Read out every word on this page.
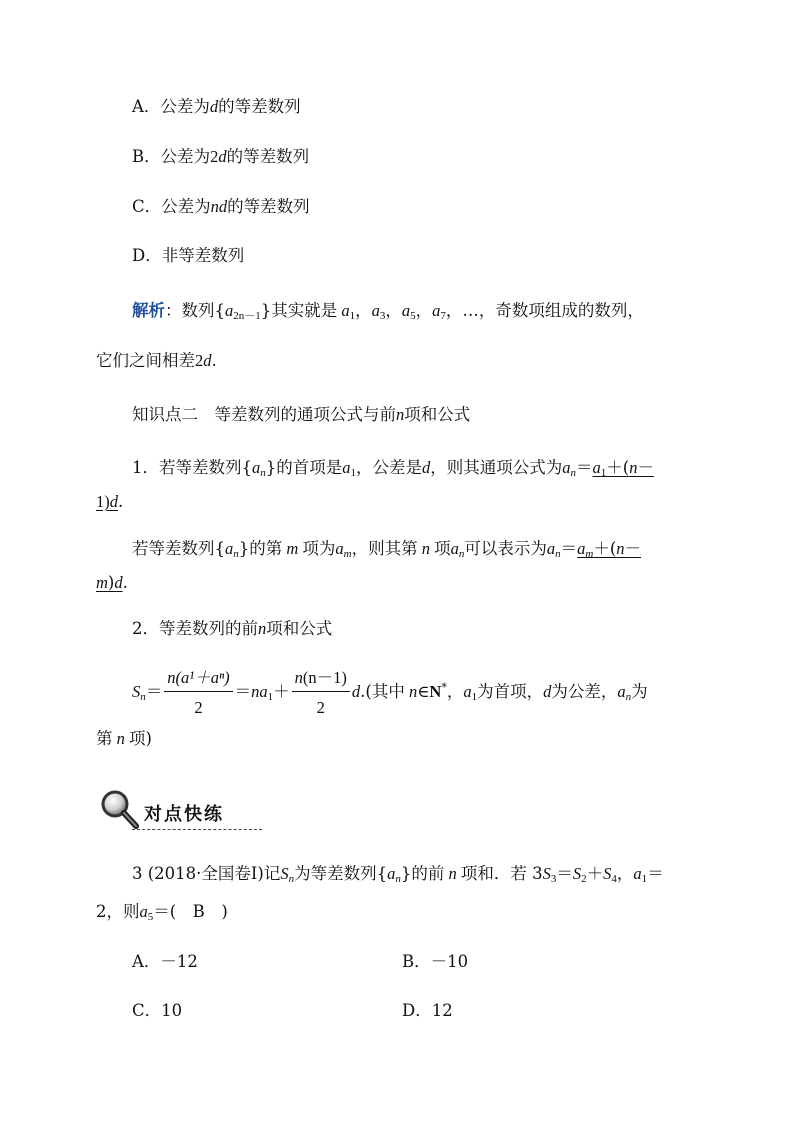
A．公差为d的等差数列
B．公差为2d的等差数列
C．公差为nd的等差数列
D．非等差数列
解析：数列$\{a_{2n-1}\}$其实就是 $a_1$，$a_3$，$a_5$，$a_7$，…，奇数项组成的数列，
它们之间相差2d.
知识点二　等差数列的通项公式与前n项和公式
1．若等差数列$\{a_n\}$的首项是$a_1$，公差是d，则其通项公式为$a_n=a_1+(n-$
1)d.
若等差数列$\{a_n\}$的第 m 项为$a_m$，则其第 n 项$a_n$可以表示为$a_n=a_m+(n-$
m)d.
2．等差数列的前n项和公式
$S_n= \frac{\text{n(a¹＋aⁿ)}}{2} =na_1+ \frac{n(n-1)}{2} d$.(其中 n∈N*，$a_1$为首项，d为公差，$a_n$为
第 n 项)
对点快练
3 (2018·全国卷Ⅰ)记$S_n$为等差数列$\{a_n\}$的前 n 项和．若 $3S_3=S_2+S_4$，$a_1=$
2，则$a_5=$(　B　)
A．－12	B．－10
C．10	D．12
